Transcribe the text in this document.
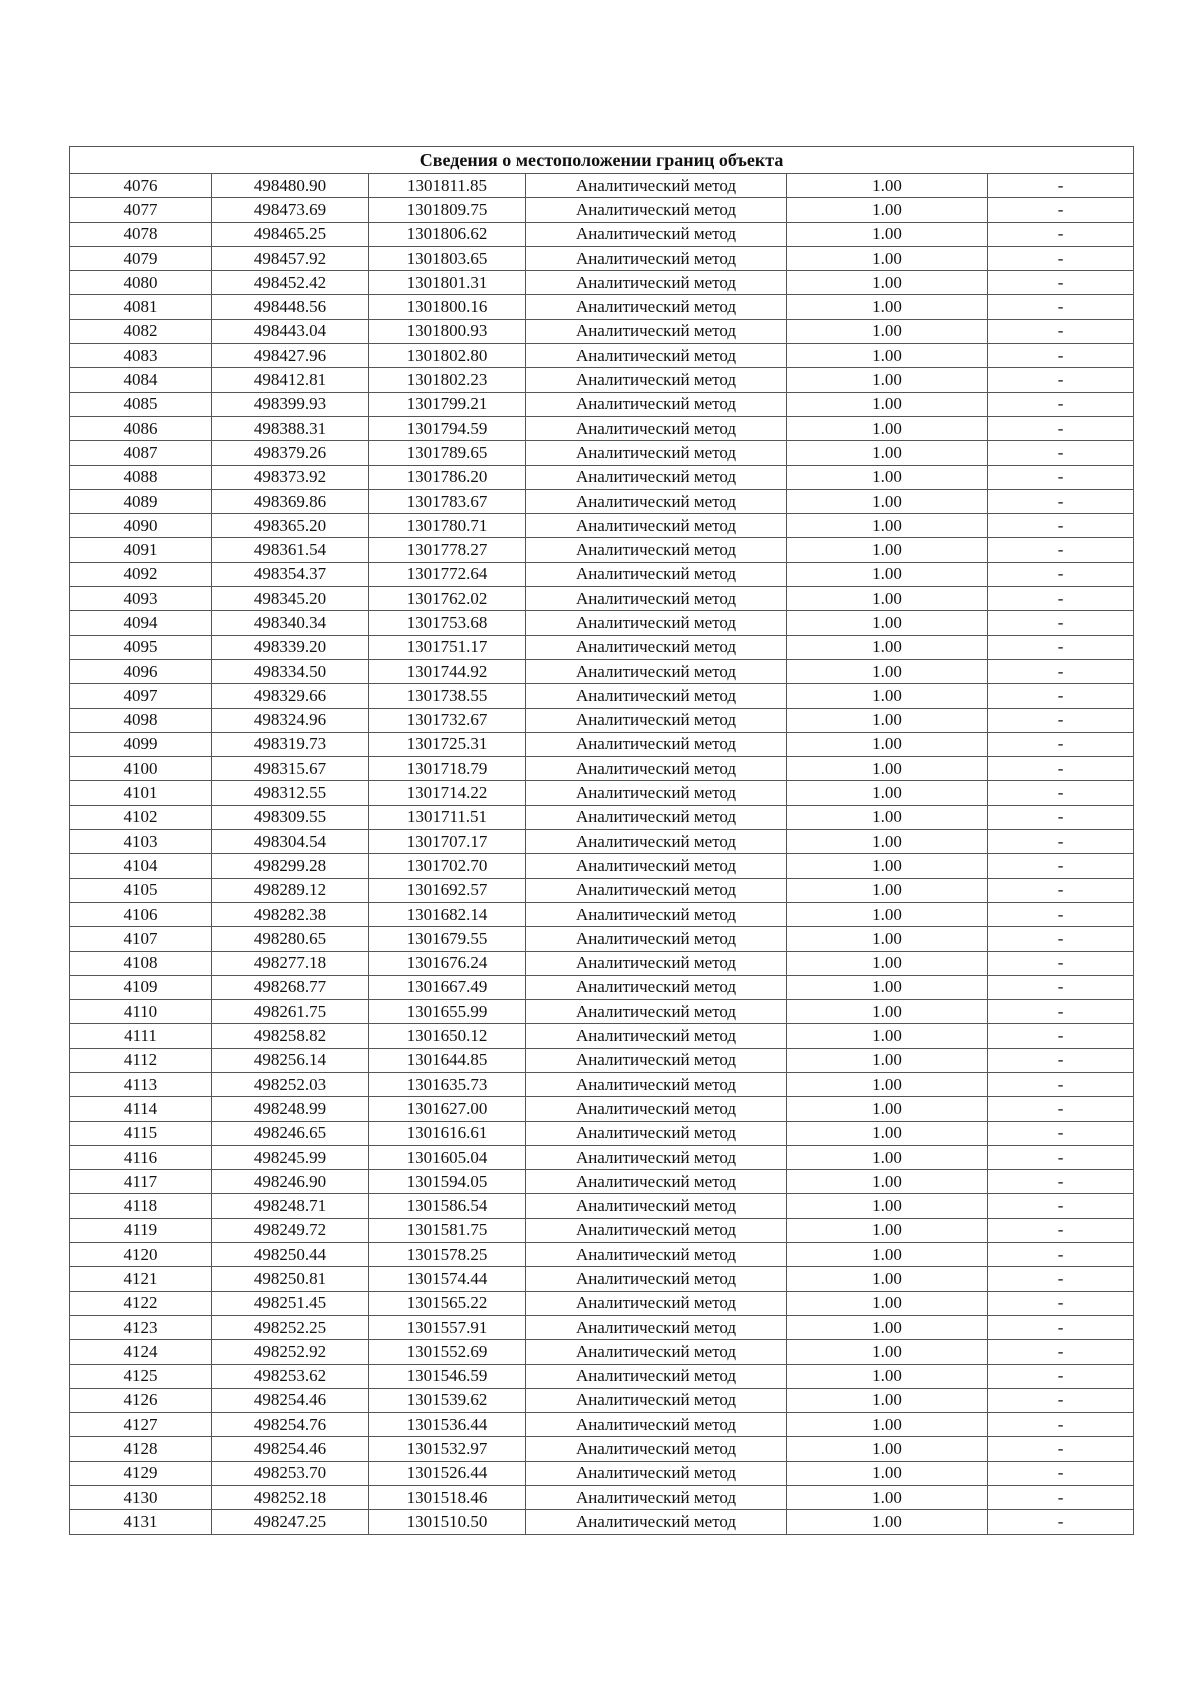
Сведения о местоположении границ объекта					
4076	498480.90	1301811.85	Аналитический метод	1.00	-
4077	498473.69	1301809.75	Аналитический метод	1.00	-
4078	498465.25	1301806.62	Аналитический метод	1.00	-
4079	498457.92	1301803.65	Аналитический метод	1.00	-
4080	498452.42	1301801.31	Аналитический метод	1.00	-
4081	498448.56	1301800.16	Аналитический метод	1.00	-
4082	498443.04	1301800.93	Аналитический метод	1.00	-
4083	498427.96	1301802.80	Аналитический метод	1.00	-
4084	498412.81	1301802.23	Аналитический метод	1.00	-
4085	498399.93	1301799.21	Аналитический метод	1.00	-
4086	498388.31	1301794.59	Аналитический метод	1.00	-
4087	498379.26	1301789.65	Аналитический метод	1.00	-
4088	498373.92	1301786.20	Аналитический метод	1.00	-
4089	498369.86	1301783.67	Аналитический метод	1.00	-
4090	498365.20	1301780.71	Аналитический метод	1.00	-
4091	498361.54	1301778.27	Аналитический метод	1.00	-
4092	498354.37	1301772.64	Аналитический метод	1.00	-
4093	498345.20	1301762.02	Аналитический метод	1.00	-
4094	498340.34	1301753.68	Аналитический метод	1.00	-
4095	498339.20	1301751.17	Аналитический метод	1.00	-
4096	498334.50	1301744.92	Аналитический метод	1.00	-
4097	498329.66	1301738.55	Аналитический метод	1.00	-
4098	498324.96	1301732.67	Аналитический метод	1.00	-
4099	498319.73	1301725.31	Аналитический метод	1.00	-
4100	498315.67	1301718.79	Аналитический метод	1.00	-
4101	498312.55	1301714.22	Аналитический метод	1.00	-
4102	498309.55	1301711.51	Аналитический метод	1.00	-
4103	498304.54	1301707.17	Аналитический метод	1.00	-
4104	498299.28	1301702.70	Аналитический метод	1.00	-
4105	498289.12	1301692.57	Аналитический метод	1.00	-
4106	498282.38	1301682.14	Аналитический метод	1.00	-
4107	498280.65	1301679.55	Аналитический метод	1.00	-
4108	498277.18	1301676.24	Аналитический метод	1.00	-
4109	498268.77	1301667.49	Аналитический метод	1.00	-
4110	498261.75	1301655.99	Аналитический метод	1.00	-
4111	498258.82	1301650.12	Аналитический метод	1.00	-
4112	498256.14	1301644.85	Аналитический метод	1.00	-
4113	498252.03	1301635.73	Аналитический метод	1.00	-
4114	498248.99	1301627.00	Аналитический метод	1.00	-
4115	498246.65	1301616.61	Аналитический метод	1.00	-
4116	498245.99	1301605.04	Аналитический метод	1.00	-
4117	498246.90	1301594.05	Аналитический метод	1.00	-
4118	498248.71	1301586.54	Аналитический метод	1.00	-
4119	498249.72	1301581.75	Аналитический метод	1.00	-
4120	498250.44	1301578.25	Аналитический метод	1.00	-
4121	498250.81	1301574.44	Аналитический метод	1.00	-
4122	498251.45	1301565.22	Аналитический метод	1.00	-
4123	498252.25	1301557.91	Аналитический метод	1.00	-
4124	498252.92	1301552.69	Аналитический метод	1.00	-
4125	498253.62	1301546.59	Аналитический метод	1.00	-
4126	498254.46	1301539.62	Аналитический метод	1.00	-
4127	498254.76	1301536.44	Аналитический метод	1.00	-
4128	498254.46	1301532.97	Аналитический метод	1.00	-
4129	498253.70	1301526.44	Аналитический метод	1.00	-
4130	498252.18	1301518.46	Аналитический метод	1.00	-
4131	498247.25	1301510.50	Аналитический метод	1.00	-
